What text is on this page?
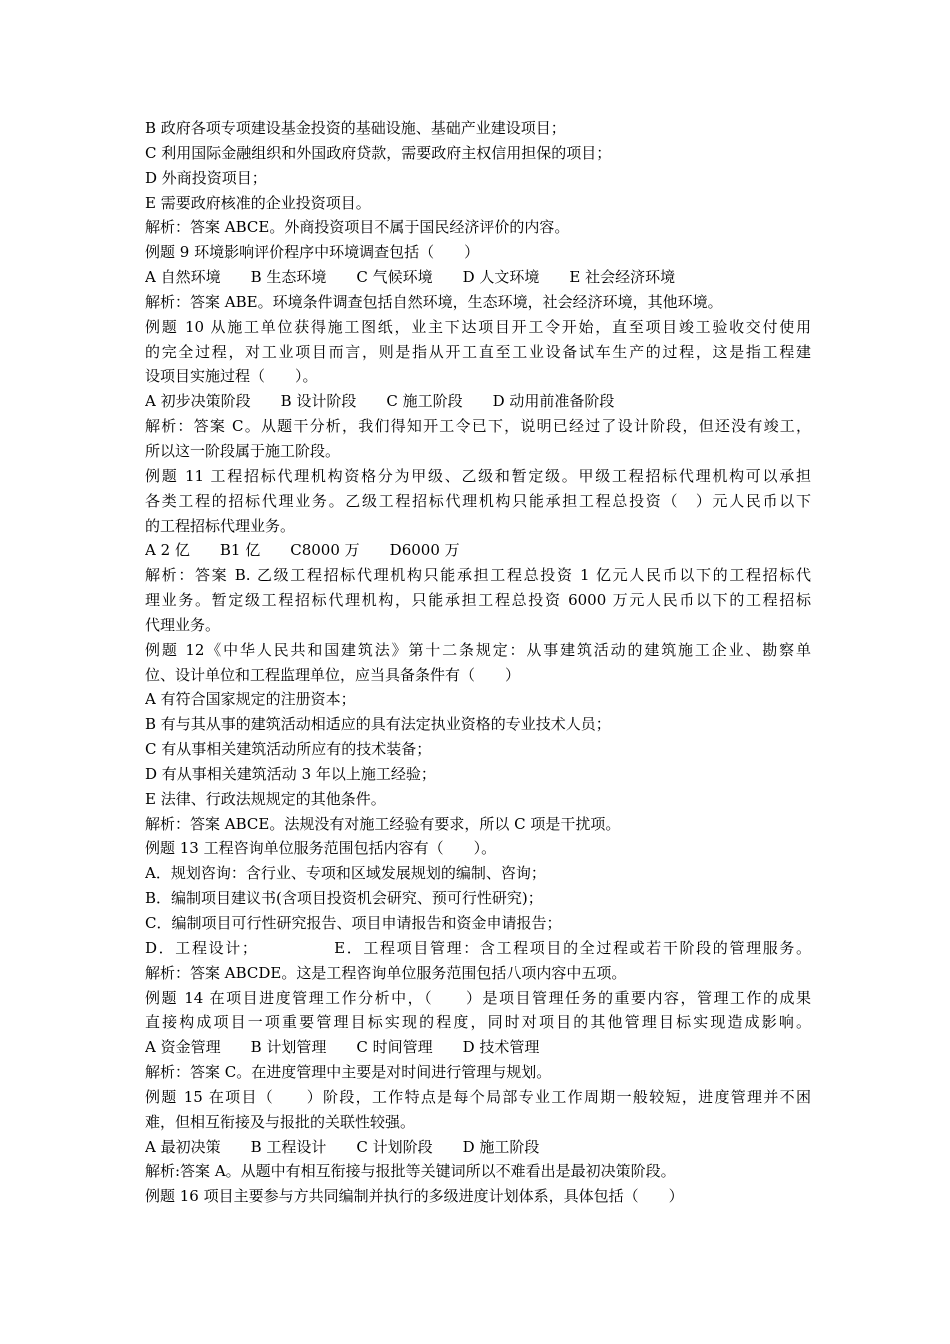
B 政府各项专项建设基金投资的基础设施、基础产业建设项目；
C 利用国际金融组织和外国政府贷款，需要政府主权信用担保的项目；
D 外商投资项目；
E 需要政府核准的企业投资项目。
解析：答案 ABCE。外商投资项目不属于国民经济评价的内容。
例题 9 环境影响评价程序中环境调查包括（　　）
A 自然环境　　B 生态环境　　C 气候环境　　D 人文环境　　E 社会经济环境
解析：答案 ABE。环境条件调查包括自然环境，生态环境，社会经济环境，其他环境。
例题 10 从施工单位获得施工图纸，业主下达项目开工令开始，直至项目竣工验收交付使用
的完全过程，对工业项目而言，则是指从开工直至工业设备试车生产的过程，这是指工程建
设项目实施过程（　　）。
A 初步决策阶段　　B 设计阶段　　C 施工阶段　　D 动用前准备阶段
解析：答案 C。从题干分析，我们得知开工令已下，说明已经过了设计阶段，但还没有竣工，
所以这一阶段属于施工阶段。
例题 11 工程招标代理机构资格分为甲级、乙级和暂定级。甲级工程招标代理机构可以承担
各类工程的招标代理业务。乙级工程招标代理机构只能承担工程总投资（　）元人民币以下
的工程招标代理业务。
A 2 亿　　B1 亿　　C8000 万　　D6000 万
解析：答案 B. 乙级工程招标代理机构只能承担工程总投资 1 亿元人民币以下的工程招标代
理业务。暂定级工程招标代理机构，只能承担工程总投资 6000 万元人民币以下的工程招标
代理业务。
例题 12《中华人民共和国建筑法》第十二条规定：从事建筑活动的建筑施工企业、勘察单
位、设计单位和工程监理单位，应当具备条件有（　　）
A 有符合国家规定的注册资本；
B 有与其从事的建筑活动相适应的具有法定执业资格的专业技术人员；
C 有从事相关建筑活动所应有的技术装备；
D 有从事相关建筑活动 3 年以上施工经验；
E 法律、行政法规规定的其他条件。
解析：答案 ABCE。法规没有对施工经验有要求，所以 C 项是干扰项。
例题 13 工程咨询单位服务范围包括内容有（　　）。
A．规划咨询：含行业、专项和区域发展规划的编制、咨询；
B．编制项目建议书(含项目投资机会研究、预可行性研究)；
C．编制项目可行性研究报告、项目申请报告和资金申请报告；
D．工程设计；　　　　　E．工程项目管理：含工程项目的全过程或若干阶段的管理服务。
解析：答案 ABCDE。这是工程咨询单位服务范围包括八项内容中五项。
例题 14 在项目进度管理工作分析中，（　　）是项目管理任务的重要内容，管理工作的成果
直接构成项目一项重要管理目标实现的程度，同时对项目的其他管理目标实现造成影响。
A 资金管理　　B 计划管理　　C 时间管理　　D 技术管理
解析：答案 C。在进度管理中主要是对时间进行管理与规划。
例题 15 在项目（　　）阶段，工作特点是每个局部专业工作周期一般较短，进度管理并不困
难，但相互衔接及与报批的关联性较强。
A 最初决策　　B 工程设计　　C 计划阶段　　D 施工阶段
解析:答案 A。从题中有相互衔接与报批等关键词所以不难看出是最初决策阶段。
例题 16 项目主要参与方共同编制并执行的多级进度计划体系，具体包括（　　）
